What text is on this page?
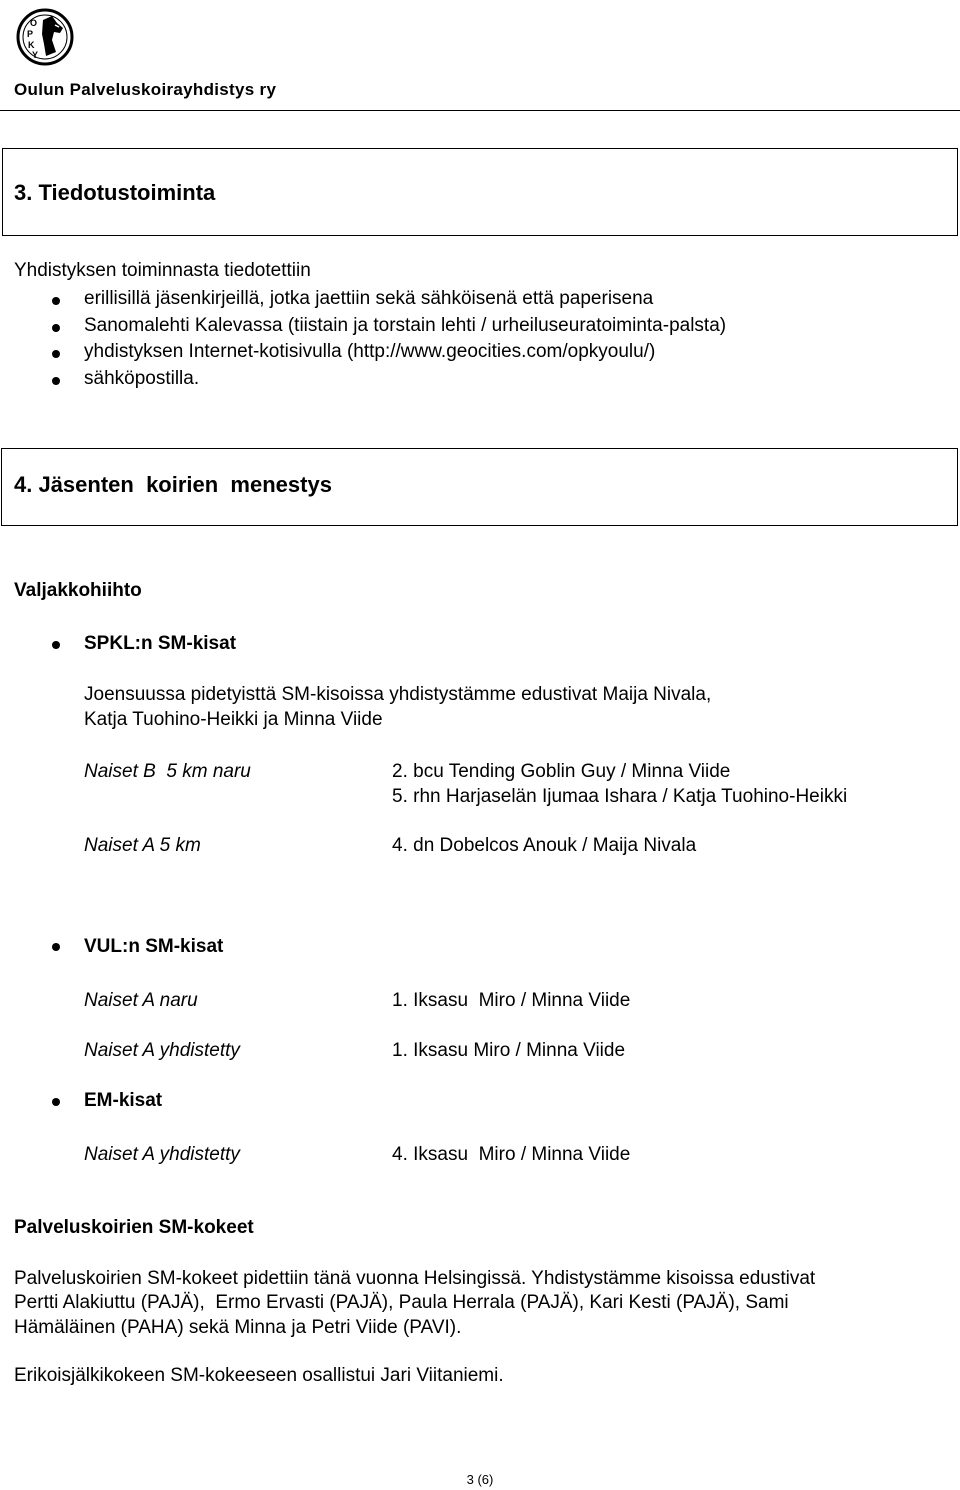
O
P
K
Y
Oulun Palveluskoirayhdistys ry
3. Tiedotustoiminta
Yhdistyksen toiminnasta tiedotettiin
erillisillä jäsenkirjeillä, jotka jaettiin sekä sähköisenä että paperisena
Sanomalehti Kalevassa (tiistain ja torstain lehti / urheiluseuratoiminta-palsta)
yhdistyksen Internet-kotisivulla (http://www.geocities.com/opkyoulu/)
sähköpostilla.
4. Jäsenten  koirien  menestys
Valjakkohiihto
SPKL:n SM-kisat
Joensuussa pidetyisttä SM-kisoissa yhdistystämme edustivat Maija Nivala,
Katja Tuohino-Heikki ja Minna Viide
Naiset B  5 km naru	2. bcu Tending Goblin Guy / Minna Viide
5. rhn Harjaselän Ijumaa Ishara / Katja Tuohino-Heikki
Naiset A 5 km	4. dn Dobelcos Anouk / Maija Nivala
VUL:n SM-kisat
Naiset A naru	1. Iksasu  Miro / Minna Viide
Naiset A yhdistetty	1. Iksasu Miro / Minna Viide
EM-kisat
Naiset A yhdistetty	4. Iksasu  Miro / Minna Viide
Palveluskoirien SM-kokeet
Palveluskoirien SM-kokeet pidettiin tänä vuonna Helsingissä. Yhdistystämme kisoissa edustivat
Pertti Alakiuttu (PAJÄ),  Ermo Ervasti (PAJÄ), Paula Herrala (PAJÄ), Kari Kesti (PAJÄ), Sami
Hämäläinen (PAHA) sekä Minna ja Petri Viide (PAVI).
Erikoisjälkikokeen SM-kokeeseen osallistui Jari Viitaniemi.
3 (6)
